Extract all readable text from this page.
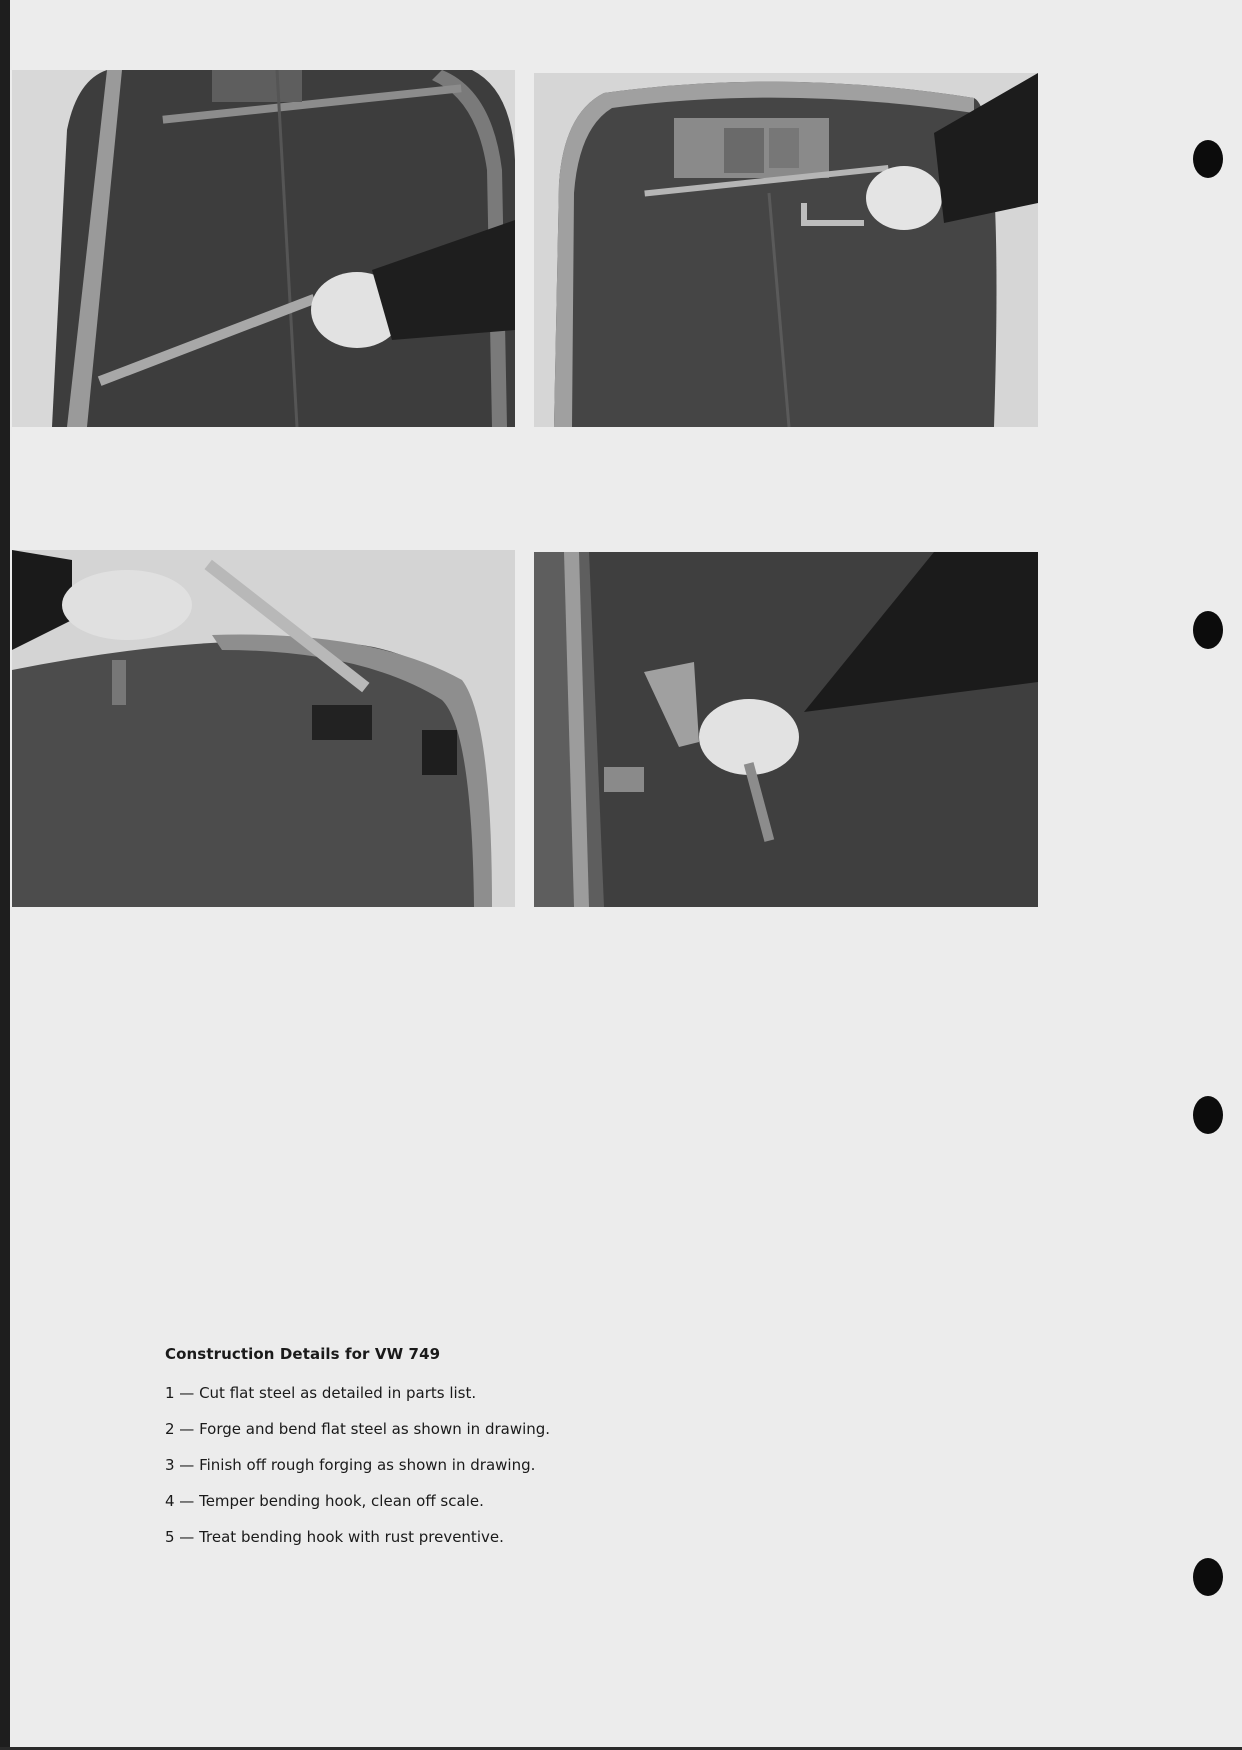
Construction Details for VW 749
1 — Cut flat steel as detailed in parts list.
2 — Forge and bend flat steel as shown in drawing.
3 — Finish off rough forging as shown in drawing.
4 — Temper bending hook, clean off scale.
5 — Treat bending hook with rust preventive.
